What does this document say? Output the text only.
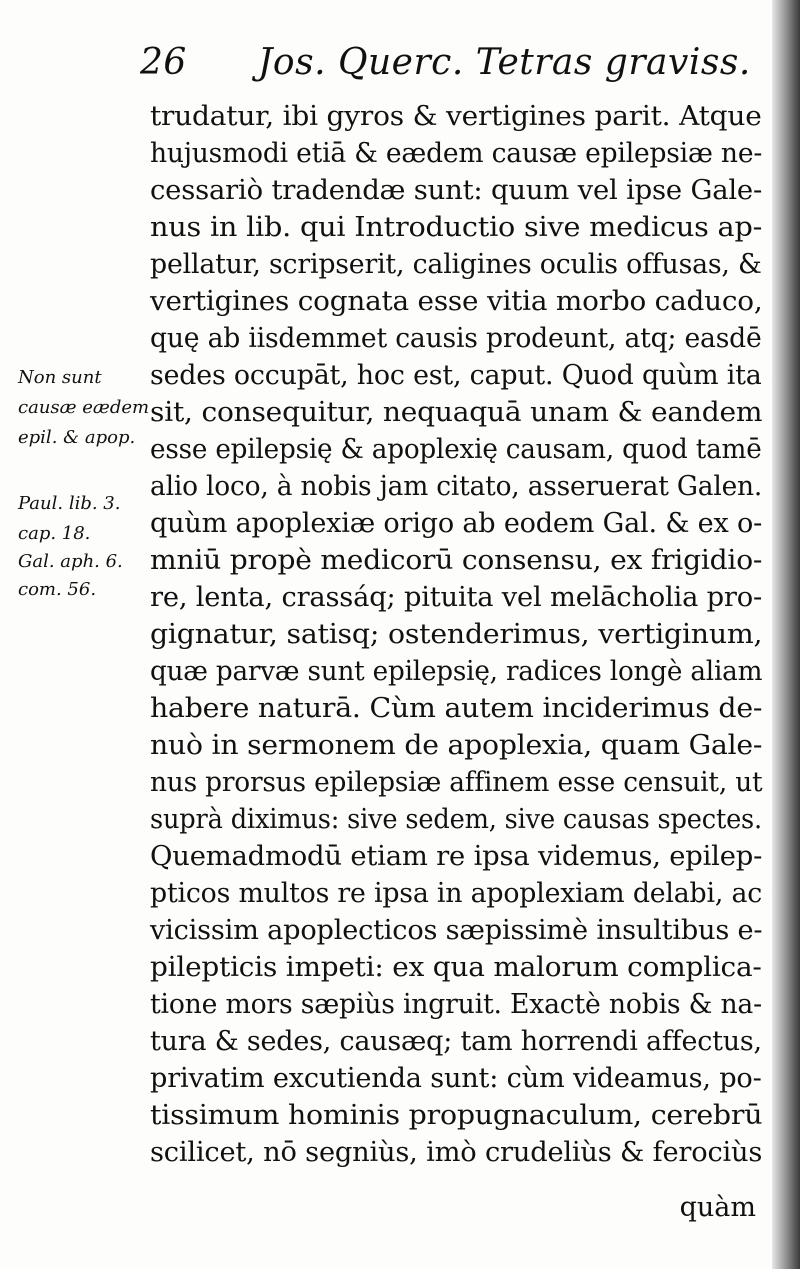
26 Jos. Querc. Tetras graviss.
Non sunt
causæ eædem
epil. & apop.
Paul. lib. 3.
cap. 18.
Gal. aph. 6.
com. 56.
trudatur, ibi gyros & vertigines parit. Atque
hujusmodi etiā & eædem causæ epilepsiæ ne-
cessariò tradendæ sunt: quum vel ipse Gale-
nus in lib. qui Introductio sive medicus ap-
pellatur, scripserit, caligines oculis offusas, &
vertigines cognata esse vitia morbo caduco,
quę ab iisdemmet causis prodeunt, atq; easdē
sedes occupāt, hoc est, caput. Quod quùm ita
sit, consequitur, nequaquā unam & eandem
esse epilepsię & apoplexię causam, quod tamē
alio loco, à nobis jam citato, asseruerat Galen.
quùm apoplexiæ origo ab eodem Gal. & ex o-
mniū propè medicorū consensu, ex frigidio-
re, lenta, crassáq; pituita vel melācholia pro-
gignatur, satisq; ostenderimus, vertiginum,
quæ parvæ sunt epilepsię, radices longè aliam
habere naturā. Cùm autem inciderimus de-
nuò in sermonem de apoplexia, quam Gale-
nus prorsus epilepsiæ affinem esse censuit, ut
suprà diximus: sive sedem, sive causas spectes.
Quemadmodū etiam re ipsa videmus, epilep-
pticos multos re ipsa in apoplexiam delabi, ac
vicissim apoplecticos sæpissimè insultibus e-
pilepticis impeti: ex qua malorum complica-
tione mors sæpiùs ingruit. Exactè nobis & na-
tura & sedes, causæq; tam horrendi affectus,
privatim excutienda sunt: cùm videamus, po-
tissimum hominis propugnaculum, cerebrū
scilicet, nō segniùs, imò crudeliùs & ferociùs
quàm
